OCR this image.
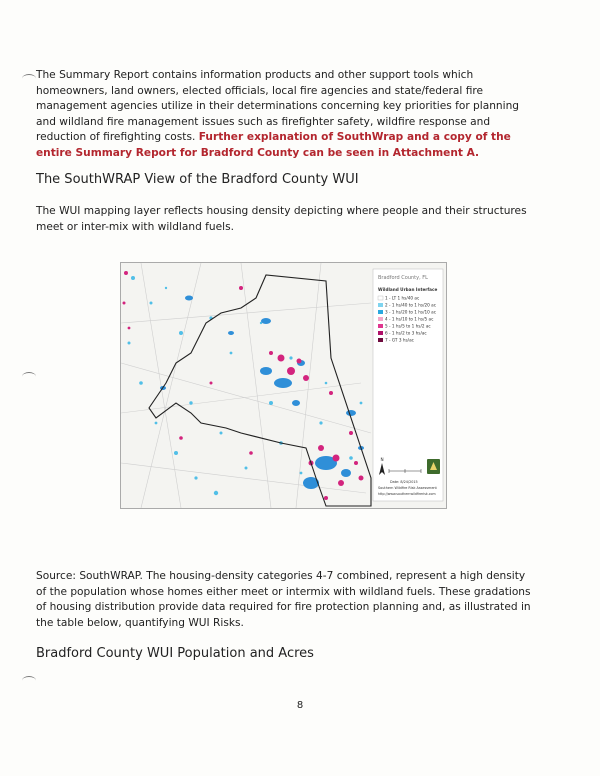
The Summary Report contains information products and other support tools which homeowners, land owners, elected officials, local fire agencies and state/federal fire management agencies utilize in their determinations concerning key priorities for planning and wildland fire management issues such as firefighter safety, wildfire response and reduction of firefighting costs. Further explanation of SouthWrap and a copy of the entire Summary Report for Bradford County can be seen in Attachment A.

The SouthWRAP View of the Bradford County WUI

The WUI mapping layer reflects housing density depicting where people and their structures meet or inter-mix with wildland fuels.

Bradford County, FL
Wildland Urban Interface
1 - LT 1 hs/40 ac
2 - 1 hs/40 to 1 hs/20 ac
3 - 1 hs/20 to 1 hs/10 ac
4 - 1 hs/10 to 1 hs/5 ac
5 - 1 hs/5 to 1 hs/2 ac
6 - 1 hs/2 to 3 hs/ac
7 - GT 3 hs/ac
N
Date: 8/24/2015
Southern Wildfire Risk Assessment
http://www.southernwildfirerisk.com

Source: SouthWRAP. The housing-density categories 4-7 combined, represent a high density of the population whose homes either meet or intermix with wildland fuels. These gradations of housing distribution provide data required for fire protection planning and, as illustrated in the table below, quantifying WUI Risks.

Bradford County WUI Population and Acres
8
